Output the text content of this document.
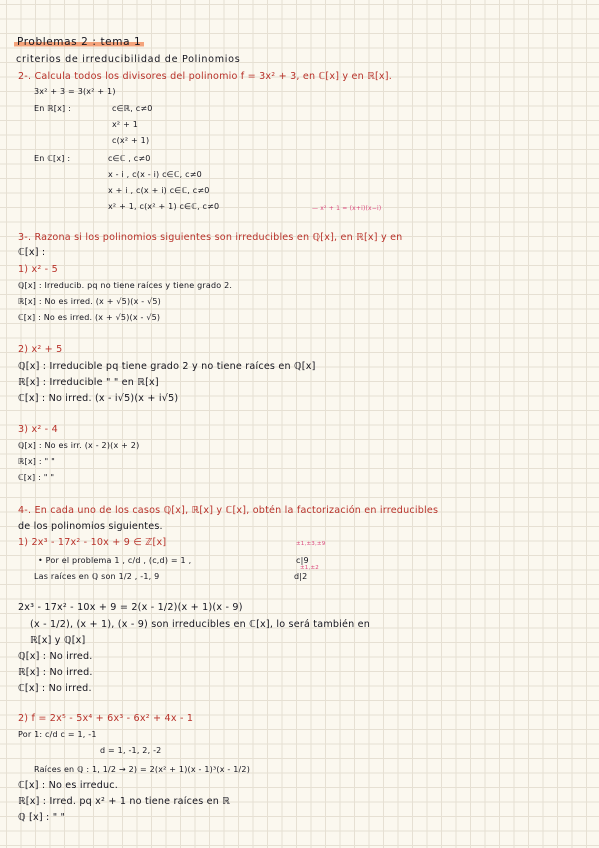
Problemas 2 : tema 1
criterios de irreducibilidad de Polinomios
2-. Calcula todos los divisores del polinomio f = 3x² + 3, en ℂ[x] y en ℝ[x].
3x² + 3 = 3(x² + 1)
En ℝ[x] :	c∈ℝ, c≠0
x² + 1
c(x² + 1)
En ℂ[x] :	c∈ℂ , c≠0
x - i , c(x - i) c∈ℂ, c≠0
x + i , c(x + i) c∈ℂ, c≠0
x² + 1, c(x² + 1) c∈ℂ, c≠0	— x² + 1 = (x+i)(x−i)
3-. Razona si los polinomios siguientes son irreducibles en ℚ[x], en ℝ[x] y en
ℂ[x] :
1) x² - 5
ℚ[x] : Irreducib. pq no tiene raíces y tiene grado 2.
ℝ[x] : No es irred. (x + √5)(x - √5)
ℂ[x] : No es irred. (x + √5)(x - √5)
2) x² + 5
ℚ[x] : Irreducible pq tiene grado 2 y no tiene raíces en ℚ[x]
ℝ[x] : Irreducible " " en ℝ[x]
ℂ[x] : No irred. (x - i√5)(x + i√5)
3) x² - 4
ℚ[x] : No es irr. (x - 2)(x + 2)
ℝ[x] : " "
ℂ[x] : " "
4-. En cada uno de los casos ℚ[x], ℝ[x] y ℂ[x], obtén la factorización en irreducibles
de los polinomios siguientes.
1) 2x³ - 17x² - 10x + 9 ∈ ℤ[x]	±1,±3,±9
• Por el problema 1 , c/d , (c,d) = 1 ,	c|9
±1,±2
Las raíces en ℚ son 1/2 , -1, 9	d|2
2x³ - 17x² - 10x + 9 = 2(x - 1/2)(x + 1)(x - 9)
(x - 1/2), (x + 1), (x - 9) son irreducibles en ℂ[x], lo será también en
ℝ[x] y ℚ[x]
ℚ[x] : No irred.
ℝ[x] : No irred.
ℂ[x] : No irred.
2) f = 2x⁵ - 5x⁴ + 6x³ - 6x² + 4x - 1
Por 1: c/d c = 1, -1
d = 1, -1, 2, -2
Raíces en ℚ : 1, 1/2 → 2) = 2(x² + 1)(x - 1)³(x - 1/2)
ℂ[x] : No es irreduc.
ℝ[x] : Irred. pq x² + 1 no tiene raíces en ℝ
ℚ [x] : " "
